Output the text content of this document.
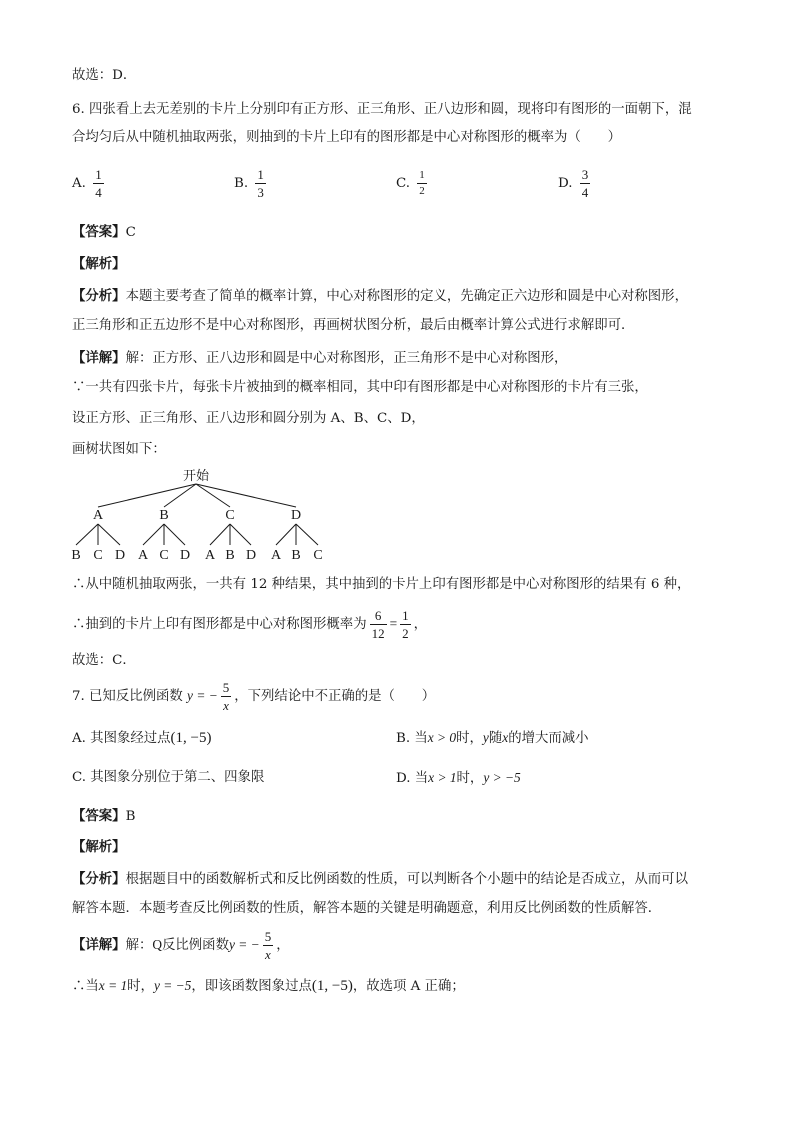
故选：D．
6. 四张看上去无差别的卡片上分别印有正方形、正三角形、正八边形和圆，现将印有图形的一面朝下，混
合均匀后从中随机抽取两张，则抽到的卡片上印有的图形都是中心对称图形的概率为（　　）
A. $\frac{1}{4}$	B. $\frac{1}{3}$	C. $\frac{1}{2}$	D. $\frac{3}{4}$
【答案】C
【解析】
【分析】本题主要考查了简单的概率计算，中心对称图形的定义，先确定正六边形和圆是中心对称图形，
正三角形和正五边形不是中心对称图形，再画树状图分析，最后由概率计算公式进行求解即可．
【详解】解：正方形、正八边形和圆是中心对称图形，正三角形不是中心对称图形，
∵一共有四张卡片，每张卡片被抽到的概率相同，其中印有图形都是中心对称图形的卡片有三张，
设正方形、正三角形、正八边形和圆分别为 A、B、C、D，
画树状图如下：
开始
A	B	C	D
B C D A C D	A B D	A B C
∴从中随机抽取两张，一共有 12 种结果，其中抽到的卡片上印有图形都是中心对称图形的结果有 6 种，
∴抽到的卡片上印有图形都是中心对称图形概率为 $\frac{6}{12} = \frac{1}{2}$ ，
故选：C．
7. 已知反比例函数 y = − $\frac{5}{x}$ ，下列结论中不正确的是（　　）
A. 其图象经过点(1, −5)	B. 当x > 0时，y随x的增大而减小
C. 其图象分别位于第二、四象限	D. 当x > 1时，y > −5
【答案】B
【解析】
【分析】根据题目中的函数解析式和反比例函数的性质，可以判断各个小题中的结论是否成立，从而可以
解答本题．本题考查反比例函数的性质，解答本题的关键是明确题意，利用反比例函数的性质解答．
【详解】解：Q反比例函数y = − $\frac{5}{x}$ ，
∴当x = 1时，y = −5，即该函数图象过点(1, −5)，故选项 A 正确；
